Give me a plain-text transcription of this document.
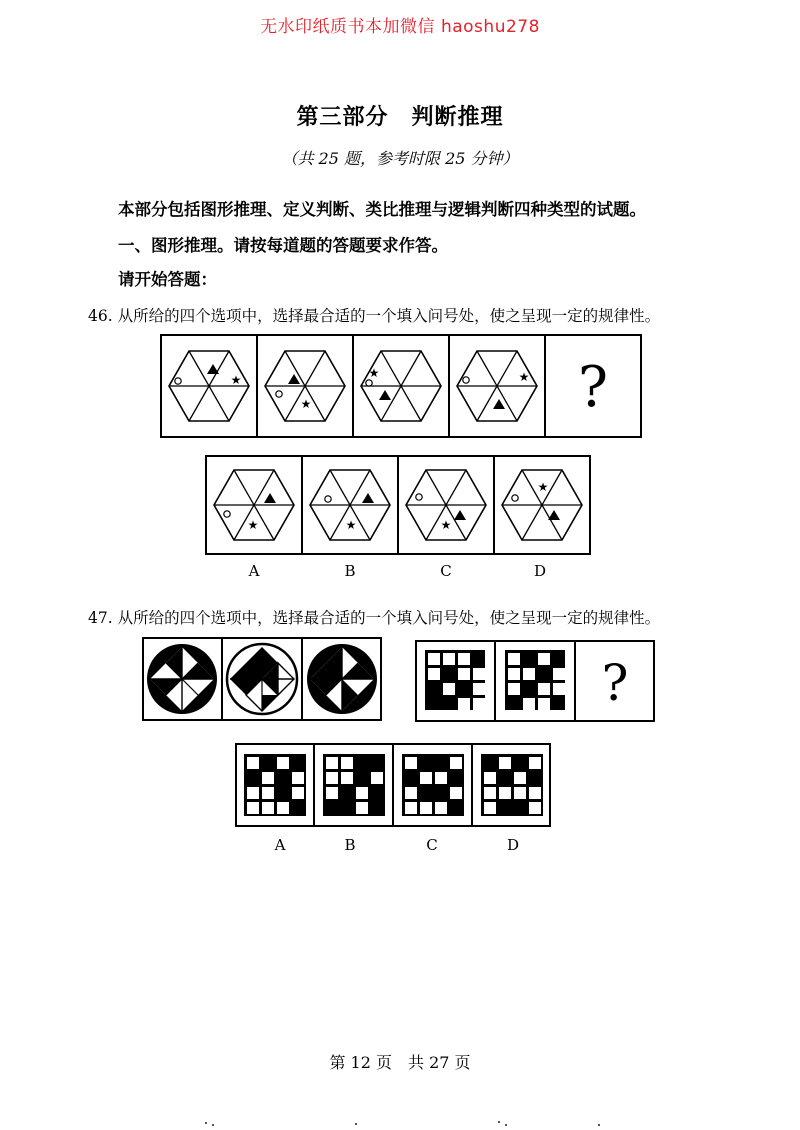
无水印纸质书本加微信 haoshu278
第三部分　判断推理
（共 25 题，参考时限 25 分钟）
本部分包括图形推理、定义判断、类比推理与逻辑判断四种类型的试题。
一、图形推理。请按每道题的答题要求作答。
请开始答题：
46. 从所给的四个选项中，选择最合适的一个填入问号处，使之呈现一定的规律性。
★
★
★	★ ?
★	★	★
★
A	B	C	D
47. 从所给的四个选项中，选择最合适的一个填入问号处，使之呈现一定的规律性。
?
A	B	C	D
第 12 页　共 27 页
